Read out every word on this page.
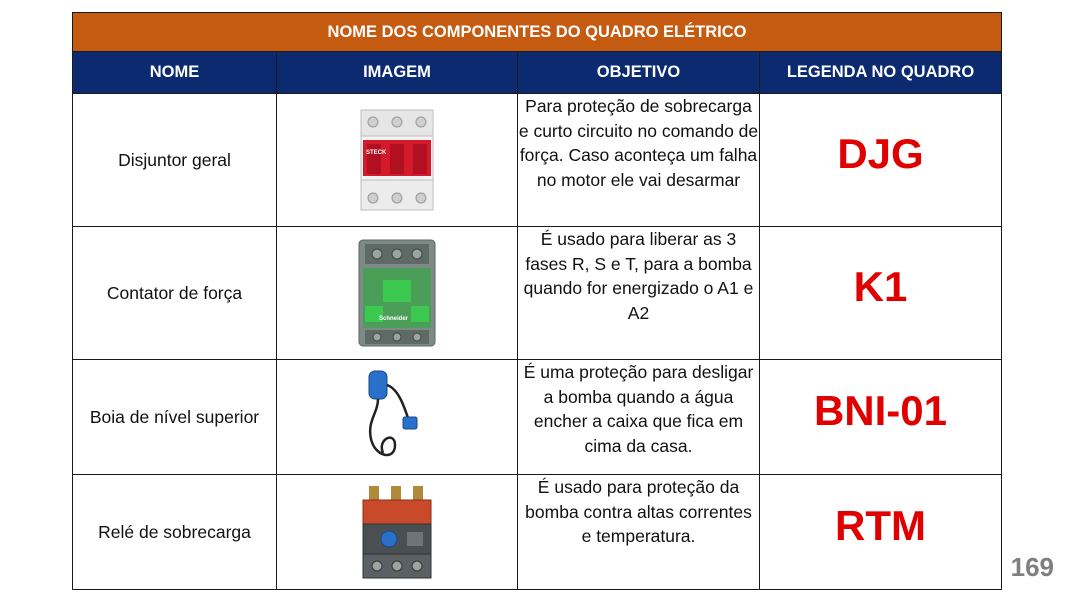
NOME DOS COMPONENTES DO QUADRO ELÉTRICO			
NOME	IMAGEM	OBJETIVO	LEGENDA NO QUADRO
Disjuntor geral	STECK	Para proteção de sobrecarga e curto circuito no comando de força. Caso aconteça um falha no motor ele vai desarmar	DJG
Contator de força	Schneider	É usado para liberar as 3 fases R, S e T, para a bomba quando for energizado o A1 e A2	K1
Boia de nível superior		É uma proteção para desligar a bomba quando a água encher a caixa que fica em cima da casa.	BNI-01
Relé de sobrecarga		É usado para proteção da bomba contra altas correntes e temperatura.	RTM
169
